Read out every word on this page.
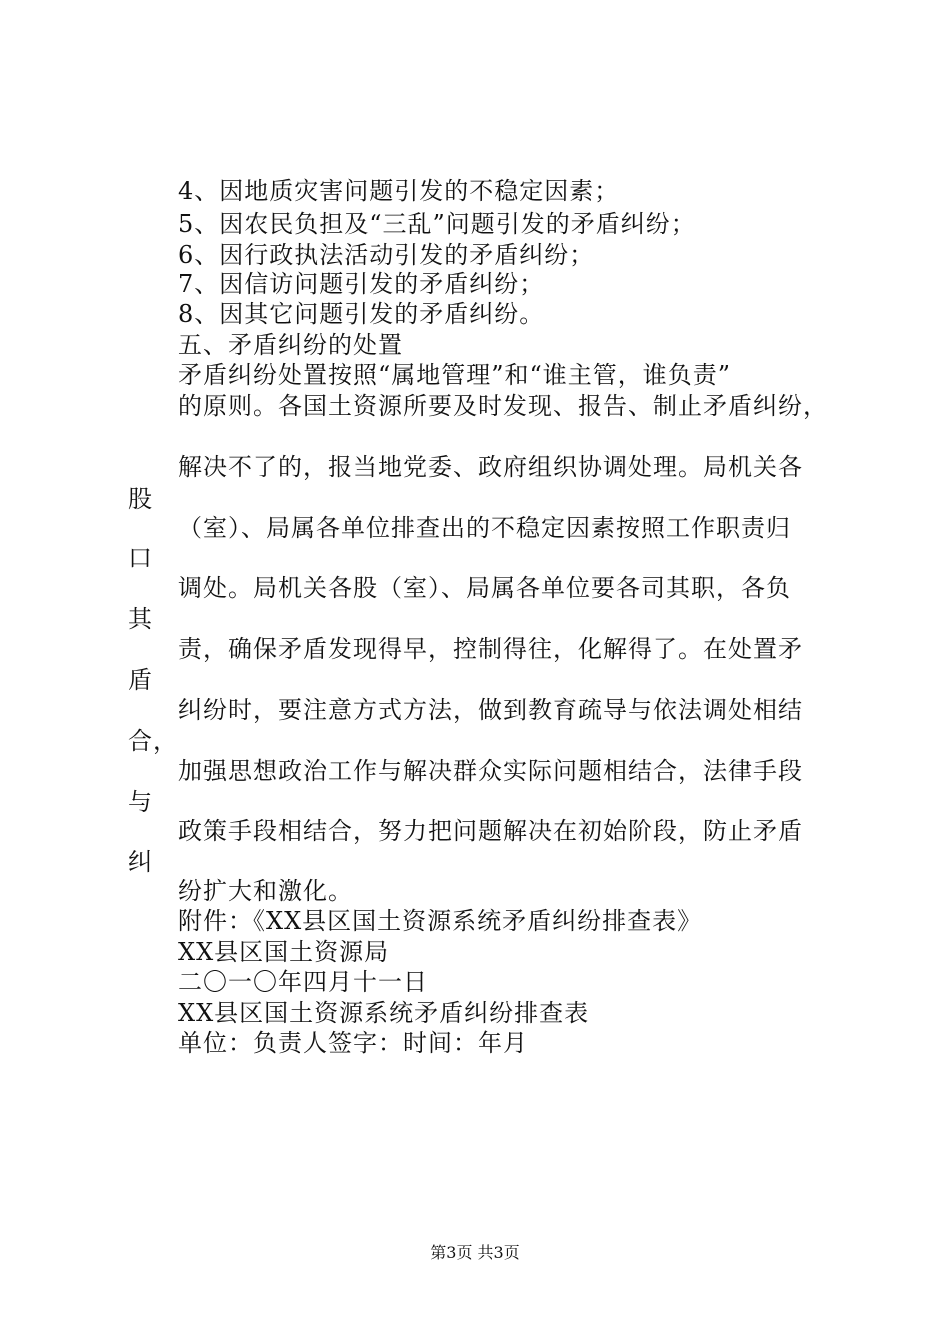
4、因地质灾害问题引发的不稳定因素；
5、因农民负担及“三乱”问题引发的矛盾纠纷；
6、因行政执法活动引发的矛盾纠纷；
7、因信访问题引发的矛盾纠纷；
8、因其它问题引发的矛盾纠纷。
五、矛盾纠纷的处置
矛盾纠纷处置按照“属地管理”和“谁主管，谁负责”
的原则。各国土资源所要及时发现、报告、制止矛盾纠纷，
解决不了的，报当地党委、政府组织协调处理。局机关各
股
（室）、局属各单位排查出的不稳定因素按照工作职责归
口
调处。局机关各股（室）、局属各单位要各司其职，各负
其
责，确保矛盾发现得早，控制得往，化解得了。在处置矛
盾
纠纷时，要注意方式方法，做到教育疏导与依法调处相结
合，
加强思想政治工作与解决群众实际问题相结合，法律手段
与
政策手段相结合，努力把问题解决在初始阶段，防止矛盾
纠
纷扩大和激化。
附件：《XX县区国土资源系统矛盾纠纷排查表》
XX县区国土资源局
二〇一〇年四月十一日
XX县区国土资源系统矛盾纠纷排查表
单位：负责人签字：时间：年月
第3页 共3页
